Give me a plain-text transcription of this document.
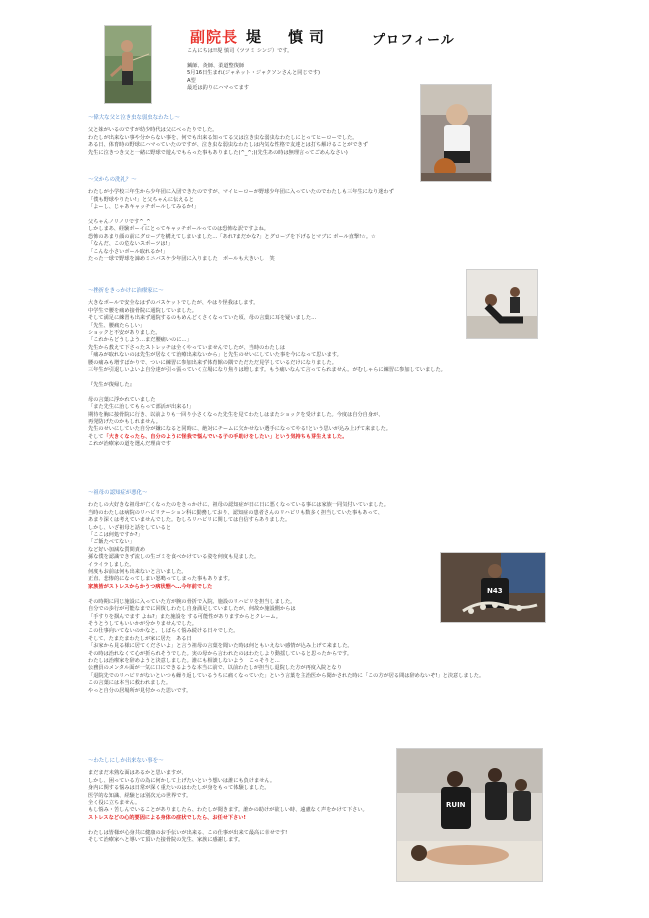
副院長 堤　慎司	プロフィール
こんにちは!!堤 慎司（ツツミ シンジ）です。

鍼師、灸師、柔道整復師
5月16日生まれ(ジャネット・ジャクソンさんと同じです)
A型
最近は釣りにハマってます
〜偉大な父と泣き虫な弱虫なわたし〜
父と妹がいるのですが幼少時代は父にべったりでした。
わたしが出来ない事や分からない事を、何でも出来る知ってる父は泣き虫な弱虫なわたしにとってヒーローでした。
ある日、体育時の野球にハマっていたのですが、泣き虫な弱虫なわたしは内気な性格で友達とは打ち解けることができず
先生に泣きつき父と一緒に野球で遊んでもらった事もありました(^_^;)(先生あの時は無理言ってごめんなさい)
〜父からの洗礼？〜
わたしが小学校三年生から少年団に入団できたのですが、マイヒーローが野球少年団に入っていたのでわたしも三年生になり迷わず
「僕も野球やりたい!」と父ちゃんに伝えると
「よーし、じゃあキャッチボールしてみるか!」

父ちゃんノリノリです^_^
しかしまあ、経験ボーイにとってキャッチボールってのは恐怖な訳ですよね。
恐怖のあまり顔の前にグローブを構えてしまいました…「あれ?まだかな?」とグローブを下げるとマブに ボール直撃!☆。☆
「なんだ、この危ないスポーツは!」
「こんな小さいボール取れるか!」
たった一球で野球を諦めミニバスケ少年団に入りました　ボールも大きいし　笑
〜挫折をきっかけに治療家に〜
大きなボールで安全なはずのバスケットでしたが、やはり怪我はします。
中学生で腰を痛め接骨院に通院していました。
そして満足に練習も出来ず通院するのもめんどくさくなっていた頃、母の言葉に耳を疑いました…
「先生、腰痛たらしい」
ショックと不安がありました。
「これからどうしよう…まだ腰痛いのに…」
先生から教えて下さったストレッチは全くやっていませんでしたが、当時のわたしは
「痛みが取れないのは先生が居なくて治療出来ないから」と先生のせいにしていた事を今になって思います。
腰の痛みも増すばかりで、ついに練習に参加出来ず体育館の隅でただただ見学しているだけになりました。
三年生が引退しいよいよ自分達が引っ張っていく立場になり焦りは増します。もう痛いなんて言ってられません。がむしゃらに練習に参加していました。

『先生が復帰した』

母の言葉に浮かれていました
「また先生に治してもらって部活が出来る!」
期待を胸に接骨院に行き、以前よりも一回り小さくなった先生を見てわたしはまたショックを受けました。今度は自分自身が、
再発防げたのかもしれません。
先生のせいにしていた自分が嫌になると同時に、絶対にチームに欠かせない選手になってやる!という思いが込み上げて来ました。
そして「大きくなったら、自分のように怪我で悩んでいる子の手助けをしたい」という気持ちも芽生えました。
これが治療家の道を選んだ理由です
〜祖母の認知症が悪化〜
わたしの大好きな祖母が亡くなったのをきっかけに、祖母の認知症が日に日に悪くなっている事には家族一同気付いていました。
当時のわたしは病院のリハビリテーション科に勤務しており、認知症の患者さんのリハビリも数多く担当していた事もあって、
あまり深くは考えていませんでした。むしろリハビリに関しては自信すらありました。
しかし、いざ祖母と話をしていると
「ここは何処ですか?」
「ご飯たべてない」
など好い加減な質問責め
孫な僕を認識できず流しの生ゴミを食べかけている姿を何度も見ました。
イライラしました。
何度もお前は何も出来ないと言いました。
正直、悲惨的になってしまい怒鳴ってしまった事もあります。
家族皆がストレスからかうつ病状態へ…今年前でした

その時期に同じ施設に入っていた方が腕の骨折で入院、施設のリハビリを担当しました。
自分での歩行が可能なまでに回復しわたし自身満足していましたが、何故か施設側からは
「手すりを掴んでます よね?」また施設を する可能性がありますからとクレーム。
そうとうしてもいいかが分かりませんでした。
この仕事向いてないのかなと、しばらく悩み続ける日々でした。
そして、たまたまわたしが家に居た　ある日
「お家から見る様に居てくださいよ」と言う祖母の言葉を聞いた時は何ともいえない感情が込み上げて来ました。
その時は治れなくて心が折られそうでした。実の母から言われたのはわたしより動揺していると思ったからです。
わたしは治療家を辞めようと決意しました。誰にも相談しないよう　こっそりと…
公務員のメンタル面が一気に口にできるような本当に前で、以前わたしが担当し退院した方が再度入院となり
「退院先でのリハビリがないといつも繰り返しているうちに痛くなっていた」という言葉を主治医から聞かされた時に「この方が居る間は辞めないぞ!」と決意しました。
この言葉には本当に救われました。
やっと自分の居場所が見付かった思いです。
N43
〜わたしにしか出来ない事を〜
まだまだ未熟な面はあるかと思いますが、
しかし、困っている方の為に何かして上げたいという想いは誰にも負けません。
身内に関する悩みは日常が深く重たいのはわたしが身をもって体験しました。
医学的な知識、経験とは別次元の世界です。
全く役に立ちません。
もし悩み・苦しんでいることがありましたら、わたしが聞きます。誰かの助けが欲しい時、遠慮なく声をかけて下さい。
ストレスなどの心的要因による身体の症状でしたら、お任せ下さい!

わたしは皆様が心身共に健康のお手伝いが出来る、この仕事が出来て最高に幸せです!
そして治療家へと導いて頂いた接骨院の先生、家族に感謝します。
RUIN
